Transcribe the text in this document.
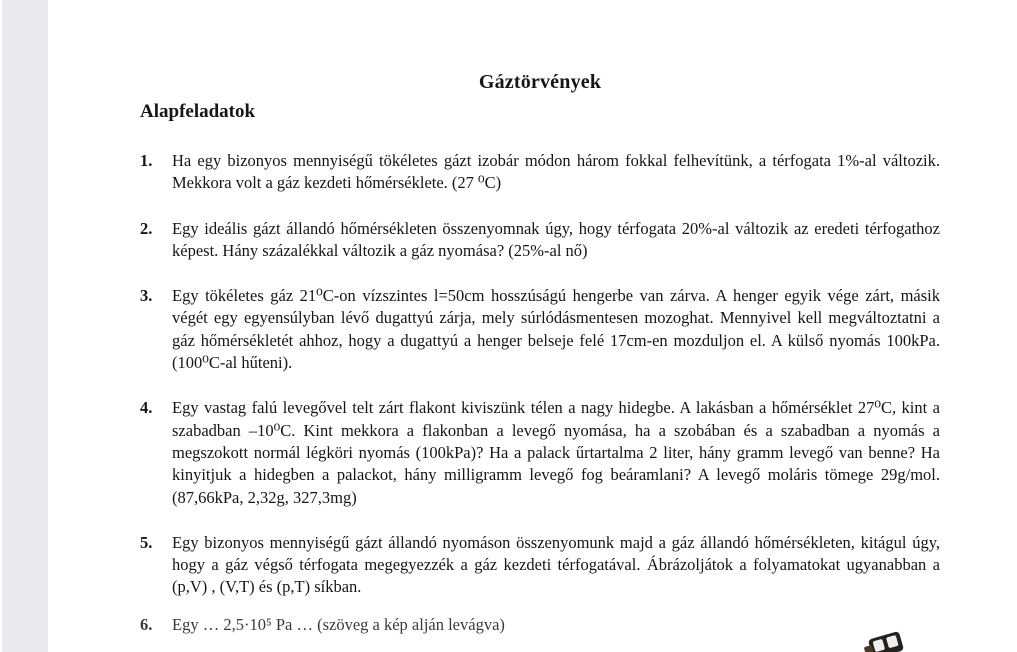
Gáztörvények
Alapfeladatok
1.	Ha egy bizonyos mennyiségű tökéletes gázt izobár módon három fokkal felhevítünk, a térfogata 1%-al változik. Mekkora volt a gáz kezdeti hőmérséklete. (27 ⁰C)
2.	Egy ideális gázt állandó hőmérsékleten összenyomnak úgy, hogy térfogata 20%-al változik az eredeti térfogathoz képest. Hány százalékkal változik a gáz nyomása? (25%-al nő)
3.	Egy tökéletes gáz 21⁰C-on vízszintes l=50cm hosszúságú hengerbe van zárva. A henger egyik vége zárt, másik végét egy egyensúlyban lévő dugattyú zárja, mely súrlódásmentesen mozoghat. Mennyivel kell megváltoztatni a gáz hőmérsékletét ahhoz, hogy a dugattyú a henger belseje felé 17cm-en mozduljon el. A külső nyomás 100kPa. (100⁰C-al hűteni).
4.	Egy vastag falú levegővel telt zárt flakont kiviszünk télen a nagy hidegbe. A lakásban a hőmérséklet 27⁰C, kint a szabadban –10⁰C. Kint mekkora a flakonban a levegő nyomása, ha a szobában és a szabadban a nyomás a megszokott normál légköri nyomás (100kPa)? Ha a palack űrtartalma 2 liter, hány gramm levegő van benne? Ha kinyitjuk a hidegben a palackot, hány milligramm levegő fog beáramlani? A levegő moláris tömege 29g/mol. (87,66kPa, 2,32g, 327,3mg)
5.	Egy bizonyos mennyiségű gázt állandó nyomáson összenyomunk majd a gáz állandó hőmérsékleten, kitágul úgy, hogy a gáz végső térfogata megegyezzék a gáz kezdeti térfogatával. Ábrázoljátok a folyamatokat ugyanabban a (p,V) , (V,T) és (p,T) síkban.
6.	Egy … 2,5·10⁵ Pa … (szöveg a kép alján levágva)
